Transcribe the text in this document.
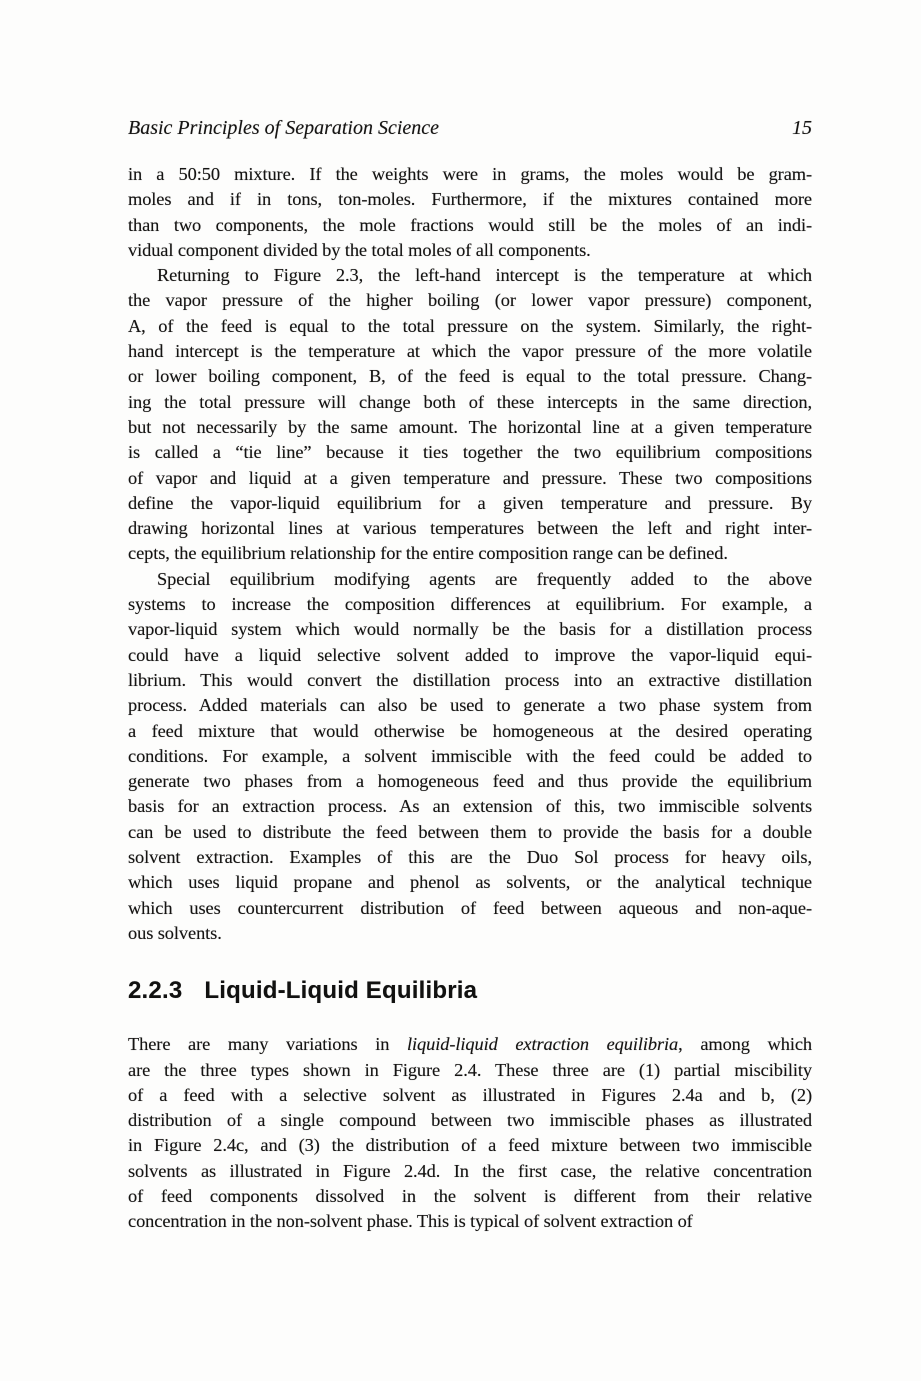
Basic Principles of Separation Science	15
in a 50:50 mixture. If the weights were in grams, the moles would be gram-
moles and if in tons, ton-moles. Furthermore, if the mixtures contained more
than two components, the mole fractions would still be the moles of an indi-
vidual component divided by the total moles of all components.
Returning to Figure 2.3, the left-hand intercept is the temperature at which
the vapor pressure of the higher boiling (or lower vapor pressure) component,
A, of the feed is equal to the total pressure on the system. Similarly, the right-
hand intercept is the temperature at which the vapor pressure of the more volatile
or lower boiling component, B, of the feed is equal to the total pressure. Chang-
ing the total pressure will change both of these intercepts in the same direction,
but not necessarily by the same amount. The horizontal line at a given temperature
is called a “tie line” because it ties together the two equilibrium compositions
of vapor and liquid at a given temperature and pressure. These two compositions
define the vapor-liquid equilibrium for a given temperature and pressure. By
drawing horizontal lines at various temperatures between the left and right inter-
cepts, the equilibrium relationship for the entire composition range can be defined.
Special equilibrium modifying agents are frequently added to the above
systems to increase the composition differences at equilibrium. For example, a
vapor-liquid system which would normally be the basis for a distillation process
could have a liquid selective solvent added to improve the vapor-liquid equi-
librium. This would convert the distillation process into an extractive distillation
process. Added materials can also be used to generate a two phase system from
a feed mixture that would otherwise be homogeneous at the desired operating
conditions. For example, a solvent immiscible with the feed could be added to
generate two phases from a homogeneous feed and thus provide the equilibrium
basis for an extraction process. As an extension of this, two immiscible solvents
can be used to distribute the feed between them to provide the basis for a double
solvent extraction. Examples of this are the Duo Sol process for heavy oils,
which uses liquid propane and phenol as solvents, or the analytical technique
which uses countercurrent distribution of feed between aqueous and non-aque-
ous solvents.
2.2.3 Liquid-Liquid Equilibria
There are many variations in liquid-liquid extraction equilibria, among which
are the three types shown in Figure 2.4. These three are (1) partial miscibility
of a feed with a selective solvent as illustrated in Figures 2.4a and b, (2)
distribution of a single compound between two immiscible phases as illustrated
in Figure 2.4c, and (3) the distribution of a feed mixture between two immiscible
solvents as illustrated in Figure 2.4d. In the first case, the relative concentration
of feed components dissolved in the solvent is different from their relative
concentration in the non-solvent phase. This is typical of solvent extraction of
